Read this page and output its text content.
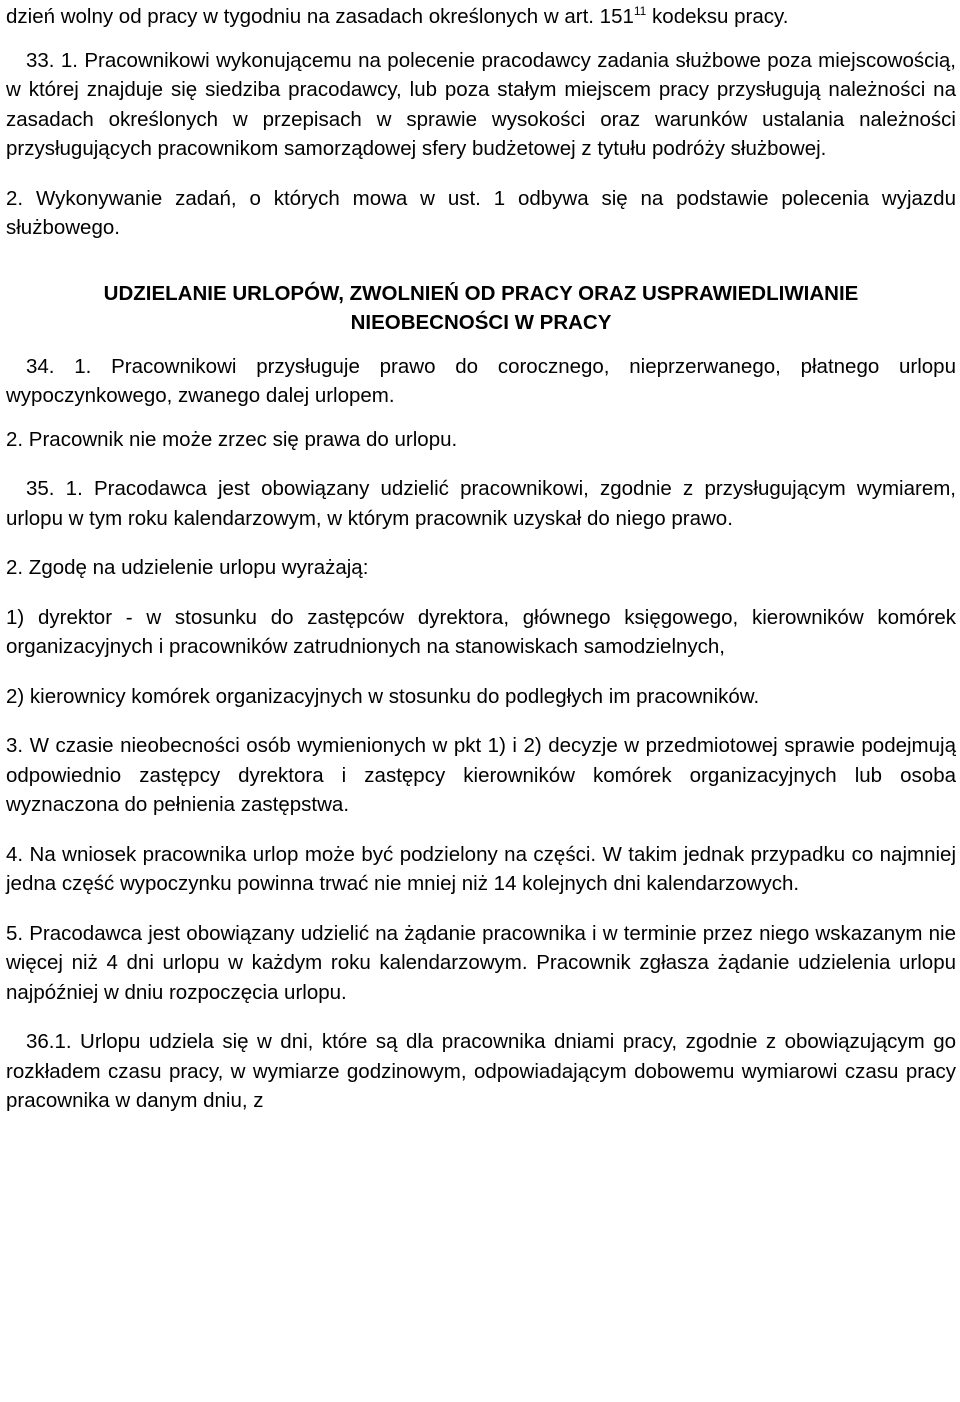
dzień wolny od pracy w tygodniu na zasadach określonych w art. $151^{11}$ kodeksu pracy.

33. 1. Pracownikowi wykonującemu na polecenie pracodawcy zadania służbowe poza miejscowością, w której znajduje się siedziba pracodawcy, lub poza stałym miejscem pracy przysługują należności na zasadach określonych w przepisach w sprawie wysokości oraz warunków ustalania należności przysługujących pracownikom samorządowej sfery budżetowej z tytułu podróży służbowej.

2. Wykonywanie zadań, o których mowa w ust. 1 odbywa się na podstawie polecenia wyjazdu służbowego.

UDZIELANIE URLOPÓW, ZWOLNIEŃ OD PRACY ORAZ USPRAWIEDLIWIANIE
NIEOBECNOŚCI W PRACY

34. 1. Pracownikowi przysługuje prawo do corocznego, nieprzerwanego, płatnego urlopu wypoczynkowego, zwanego dalej urlopem.

2. Pracownik nie może zrzec się prawa do urlopu.

35. 1. Pracodawca jest obowiązany udzielić pracownikowi, zgodnie z przysługującym wymiarem, urlopu w tym roku kalendarzowym, w którym pracownik uzyskał do niego prawo.

2. Zgodę na udzielenie urlopu wyrażają:

1) dyrektor - w stosunku do zastępców dyrektora, głównego księgowego, kierowników komórek organizacyjnych i pracowników zatrudnionych na stanowiskach samodzielnych,

2) kierownicy komórek organizacyjnych w stosunku do podległych im pracowników.

3. W czasie nieobecności osób wymienionych w pkt 1) i 2) decyzje w przedmiotowej sprawie podejmują odpowiednio zastępcy dyrektora i zastępcy kierowników komórek organizacyjnych lub osoba wyznaczona do pełnienia zastępstwa.

4. Na wniosek pracownika urlop może być podzielony na części. W takim jednak przypadku co najmniej jedna część wypoczynku powinna trwać nie mniej niż 14 kolejnych dni kalendarzowych.

5. Pracodawca jest obowiązany udzielić na żądanie pracownika i w terminie przez niego wskazanym nie więcej niż 4 dni urlopu w każdym roku kalendarzowym. Pracownik zgłasza żądanie udzielenia urlopu najpóźniej w dniu rozpoczęcia urlopu.

36.1. Urlopu udziela się w dni, które są dla pracownika dniami pracy, zgodnie z obowiązującym go rozkładem czasu pracy, w wymiarze godzinowym, odpowiadającym dobowemu wymiarowi czasu pracy pracownika w danym dniu, z
